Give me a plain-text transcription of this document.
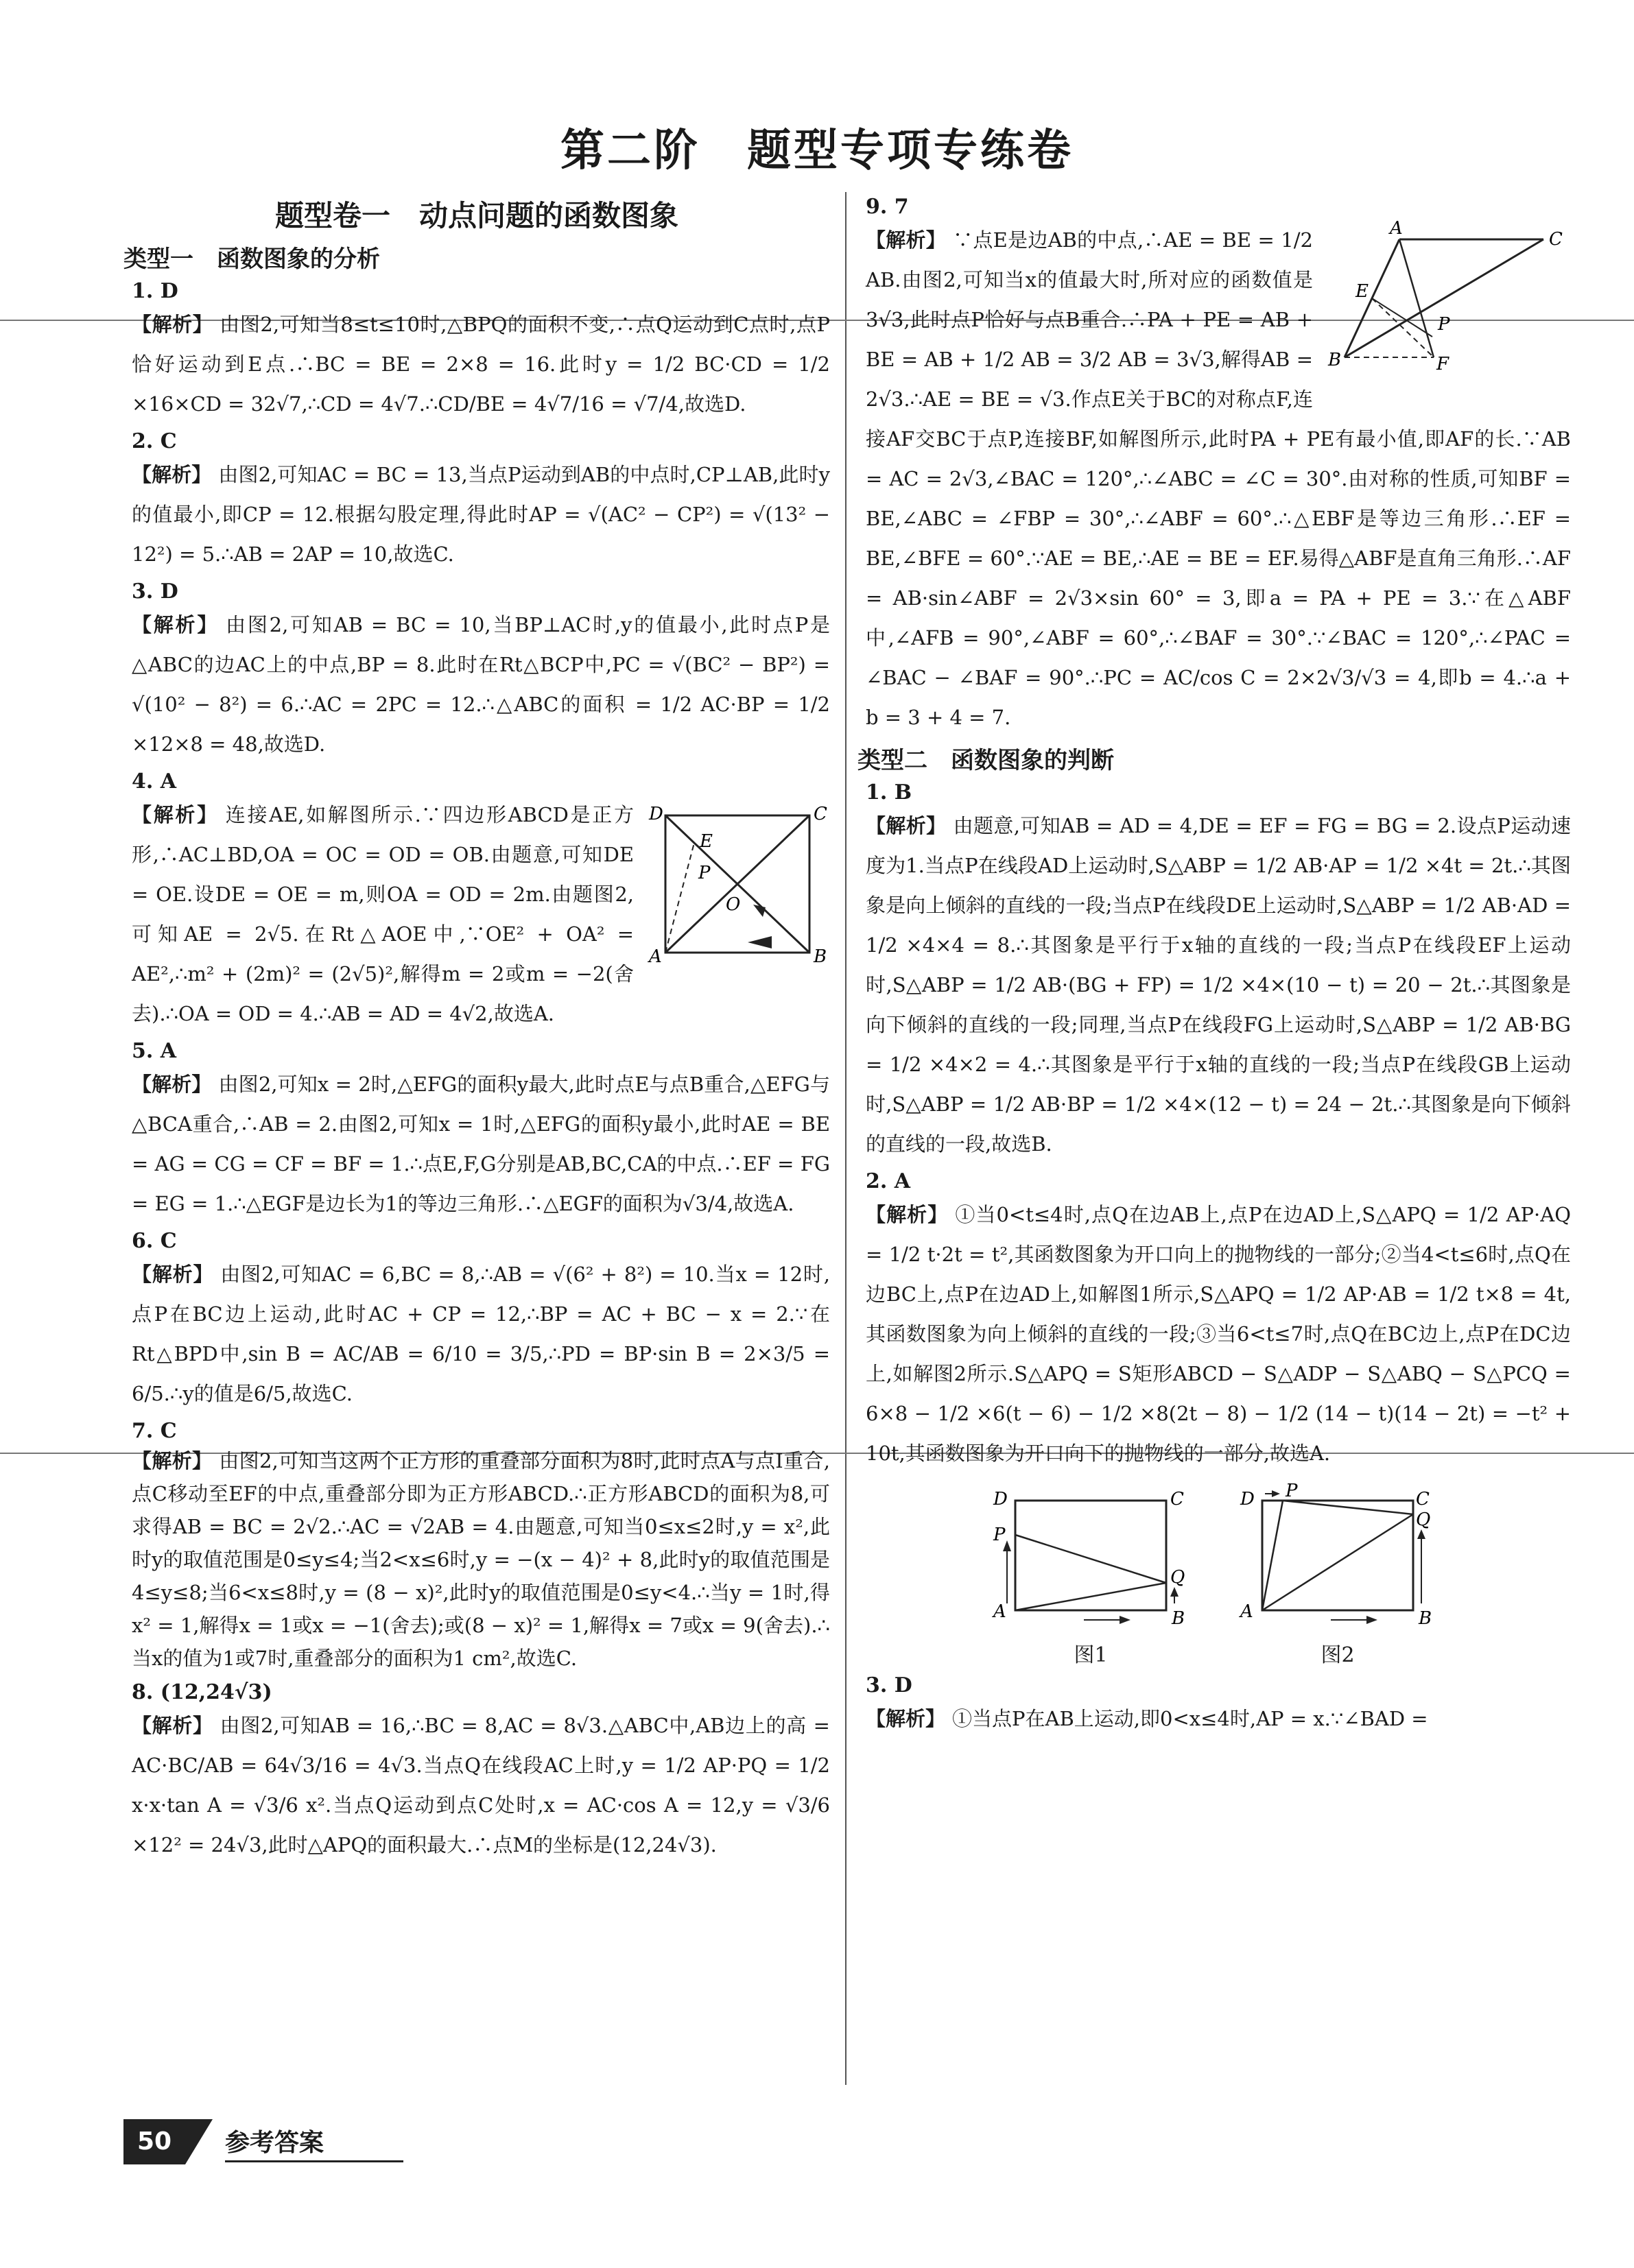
第二阶　题型专项专练卷
题型卷一　动点问题的函数图象
类型一　函数图象的分析
1. D
【解析】 由图2,可知当8≤t≤10时,△BPQ的面积不变,∴点Q运动到C点时,点P恰好运动到E点.∴BC = BE = 2×8 = 16.此时y = 1/2 BC·CD = 1/2 ×16×CD = 32√7,∴CD = 4√7.∴CD/BE = 4√7/16 = √7/4,故选D.
2. C
【解析】 由图2,可知AC = BC = 13,当点P运动到AB的中点时,CP⊥AB,此时y的值最小,即CP = 12.根据勾股定理,得此时AP = √(AC² − CP²) = √(13² − 12²) = 5.∴AB = 2AP = 10,故选C.
3. D
【解析】 由图2,可知AB = BC = 10,当BP⊥AC时,y的值最小,此时点P是△ABC的边AC上的中点,BP = 8.此时在Rt△BCP中,PC = √(BC² − BP²) = √(10² − 8²) = 6.∴AC = 2PC = 12.∴△ABC的面积 = 1/2 AC·BP = 1/2 ×12×8 = 48,故选D.
4. A
D	C
A	B
E
P
O
【解析】 连接AE,如解图所示.∵四边形ABCD是正方形,∴AC⊥BD,OA = OC = OD = OB.由题意,可知DE = OE.设DE = OE = m,则OA = OD = 2m.由题图2,可知AE = 2√5.在Rt△AOE中,∵OE² + OA² = AE²,∴m² + (2m)² = (2√5)²,解得m = 2或m = −2(舍去).∴OA = OD = 4.∴AB = AD = 4√2,故选A.
5. A
【解析】 由图2,可知x = 2时,△EFG的面积y最大,此时点E与点B重合,△EFG与△BCA重合,∴AB = 2.由图2,可知x = 1时,△EFG的面积y最小,此时AE = BE = AG = CG = CF = BF = 1.∴点E,F,G分别是AB,BC,CA的中点.∴EF = FG = EG = 1.∴△EGF是边长为1的等边三角形.∴△EGF的面积为√3/4,故选A.
6. C
【解析】 由图2,可知AC = 6,BC = 8,∴AB = √(6² + 8²) = 10.当x = 12时,点P在BC边上运动,此时AC + CP = 12,∴BP = AC + BC − x = 2.∵在Rt△BPD中,sin B = AC/AB = 6/10 = 3/5,∴PD = BP·sin B = 2×3/5 = 6/5.∴y的值是6/5,故选C.
7. C
【解析】 由图2,可知当这两个正方形的重叠部分面积为8时,此时点A与点I重合,点C移动至EF的中点,重叠部分即为正方形ABCD.∴正方形ABCD的面积为8,可求得AB = BC = 2√2.∴AC = √2AB = 4.由题意,可知当0≤x≤2时,y = x²,此时y的取值范围是0≤y≤4;当2<x≤6时,y = −(x − 4)² + 8,此时y的取值范围是4≤y≤8;当6<x≤8时,y = (8 − x)²,此时y的取值范围是0≤y<4.∴当y = 1时,得x² = 1,解得x = 1或x = −1(舍去);或(8 − x)² = 1,解得x = 7或x = 9(舍去).∴当x的值为1或7时,重叠部分的面积为1 cm²,故选C.
8. (12,24√3)
【解析】 由图2,可知AB = 16,∴BC = 8,AC = 8√3.△ABC中,AB边上的高 = AC·BC/AB = 64√3/16 = 4√3.当点Q在线段AC上时,y = 1/2 AP·PQ = 1/2 x·x·tan A = √3/6 x².当点Q运动到点C处时,x = AC·cos A = 12,y = √3/6 ×12² = 24√3,此时△APQ的面积最大.∴点M的坐标是(12,24√3).
9. 7
A
C
E
P
B	F
【解析】 ∵点E是边AB的中点,∴AE = BE = 1/2 AB.由图2,可知当x的值最大时,所对应的函数值是3√3,此时点P恰好与点B重合.∴PA + PE = AB + BE = AB + 1/2 AB = 3/2 AB = 3√3,解得AB = 2√3.∴AE = BE = √3.作点E关于BC的对称点F,连接AF交BC于点P,连接BF,如解图所示,此时PA + PE有最小值,即AF的长.∵AB = AC = 2√3,∠BAC = 120°,∴∠ABC = ∠C = 30°.由对称的性质,可知BF = BE,∠ABC = ∠FBP = 30°,∴∠ABF = 60°.∴△EBF是等边三角形.∴EF = BE,∠BFE = 60°.∵AE = BE,∴AE = BE = EF.易得△ABF是直角三角形.∴AF = AB·sin∠ABF = 2√3×sin 60° = 3,即a = PA + PE = 3.∵在△ABF中,∠AFB = 90°,∠ABF = 60°,∴∠BAF = 30°.∵∠BAC = 120°,∴∠PAC = ∠BAC − ∠BAF = 90°.∴PC = AC/cos C = 2×2√3/√3 = 4,即b = 4.∴a + b = 3 + 4 = 7.
类型二　函数图象的判断
1. B
【解析】 由题意,可知AB = AD = 4,DE = EF = FG = BG = 2.设点P运动速度为1.当点P在线段AD上运动时,S△ABP = 1/2 AB·AP = 1/2 ×4t = 2t.∴其图象是向上倾斜的直线的一段;当点P在线段DE上运动时,S△ABP = 1/2 AB·AD = 1/2 ×4×4 = 8.∴其图象是平行于x轴的直线的一段;当点P在线段EF上运动时,S△ABP = 1/2 AB·(BG + FP) = 1/2 ×4×(10 − t) = 20 − 2t.∴其图象是向下倾斜的直线的一段;同理,当点P在线段FG上运动时,S△ABP = 1/2 AB·BG = 1/2 ×4×2 = 4.∴其图象是平行于x轴的直线的一段;当点P在线段GB上运动时,S△ABP = 1/2 AB·BP = 1/2 ×4×(12 − t) = 24 − 2t.∴其图象是向下倾斜的直线的一段,故选B.
2. A
【解析】 ①当0<t≤4时,点Q在边AB上,点P在边AD上,S△APQ = 1/2 AP·AQ = 1/2 t·2t = t²,其函数图象为开口向上的抛物线的一部分;②当4<t≤6时,点Q在边BC上,点P在边AD上,如解图1所示,S△APQ = 1/2 AP·AB = 1/2 t×8 = 4t,其函数图象为向上倾斜的直线的一段;③当6<t≤7时,点Q在BC边上,点P在DC边上,如解图2所示.S△APQ = S矩形ABCD − S△ADP − S△ABQ − S△PCQ = 6×8 − 1/2 ×6(t − 6) − 1/2 ×8(2t − 8) − 1/2 (14 − t)(14 − 2t) = −t² + 10t,其函数图象为开口向下的抛物线的一部分,故选A.
D	C
P
Q
A	B
图1
D P	C
Q
A	B
图2
3. D
【解析】 ①当点P在AB上运动,即0<x≤4时,AP = x.∵∠BAD =
50	参考答案
